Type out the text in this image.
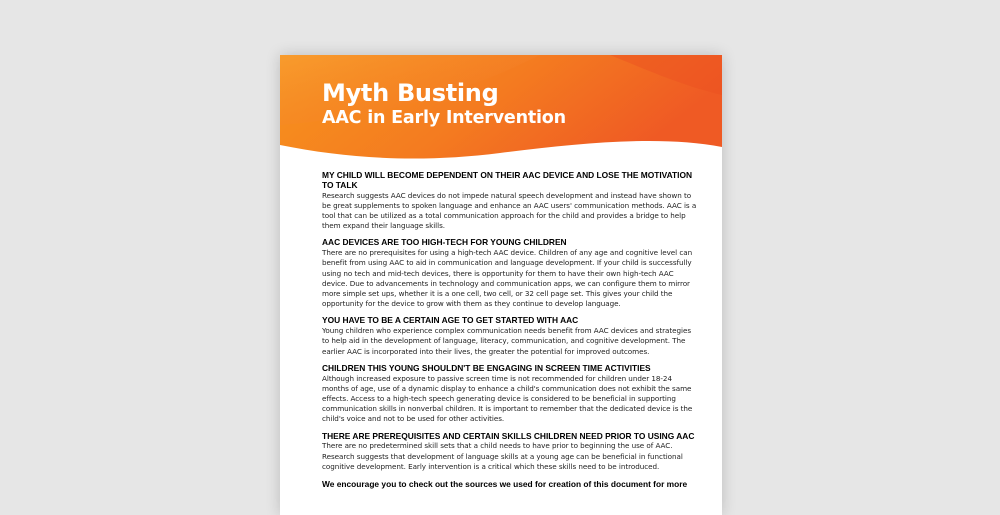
Myth Busting
AAC in Early Intervention
MY CHILD WILL BECOME DEPENDENT ON THEIR AAC DEVICE AND LOSE THE MOTIVATION TO TALK
Research suggests AAC devices do not impede natural speech development and instead have shown to be great supplements to spoken language and enhance an AAC users' communication methods. AAC is a tool that can be utilized as a total communication approach for the child and provides a bridge to help them expand their language skills.
AAC DEVICES ARE TOO HIGH-TECH FOR YOUNG CHILDREN
There are no prerequisites for using a high-tech AAC device. Children of any age and cognitive level can benefit from using AAC to aid in communication and language development. If your child is successfully using no tech and mid-tech devices, there is opportunity for them to have their own high-tech AAC device. Due to advancements in technology and communication apps, we can configure them to mirror more simple set ups, whether it is a one cell, two cell, or 32 cell page set. This gives your child the opportunity for the device to grow with them as they continue to develop language.
YOU HAVE TO BE A CERTAIN AGE TO GET STARTED WITH AAC
Young children who experience complex communication needs benefit from AAC devices and strategies to help aid in the development of language, literacy, communication, and cognitive development. The earlier AAC is incorporated into their lives, the greater the potential for improved outcomes.
CHILDREN THIS YOUNG SHOULDN'T BE ENGAGING IN SCREEN TIME ACTIVITIES
Although increased exposure to passive screen time is not recommended for children under 18-24 months of age, use of a dynamic display to enhance a child's communication does not exhibit the same effects. Access to a high-tech speech generating device is considered to be beneficial in supporting communication skills in nonverbal children. It is important to remember that the dedicated device is the child's voice and not to be used for other activities.
THERE ARE PREREQUISITES AND CERTAIN SKILLS CHILDREN NEED PRIOR TO USING AAC
There are no predetermined skill sets that a child needs to have prior to beginning the use of AAC. Research suggests that development of language skills at a young age can be beneficial in functional cognitive development. Early intervention is a critical which these skills need to be introduced.
We encourage you to check out the sources we used for creation of this document for more
